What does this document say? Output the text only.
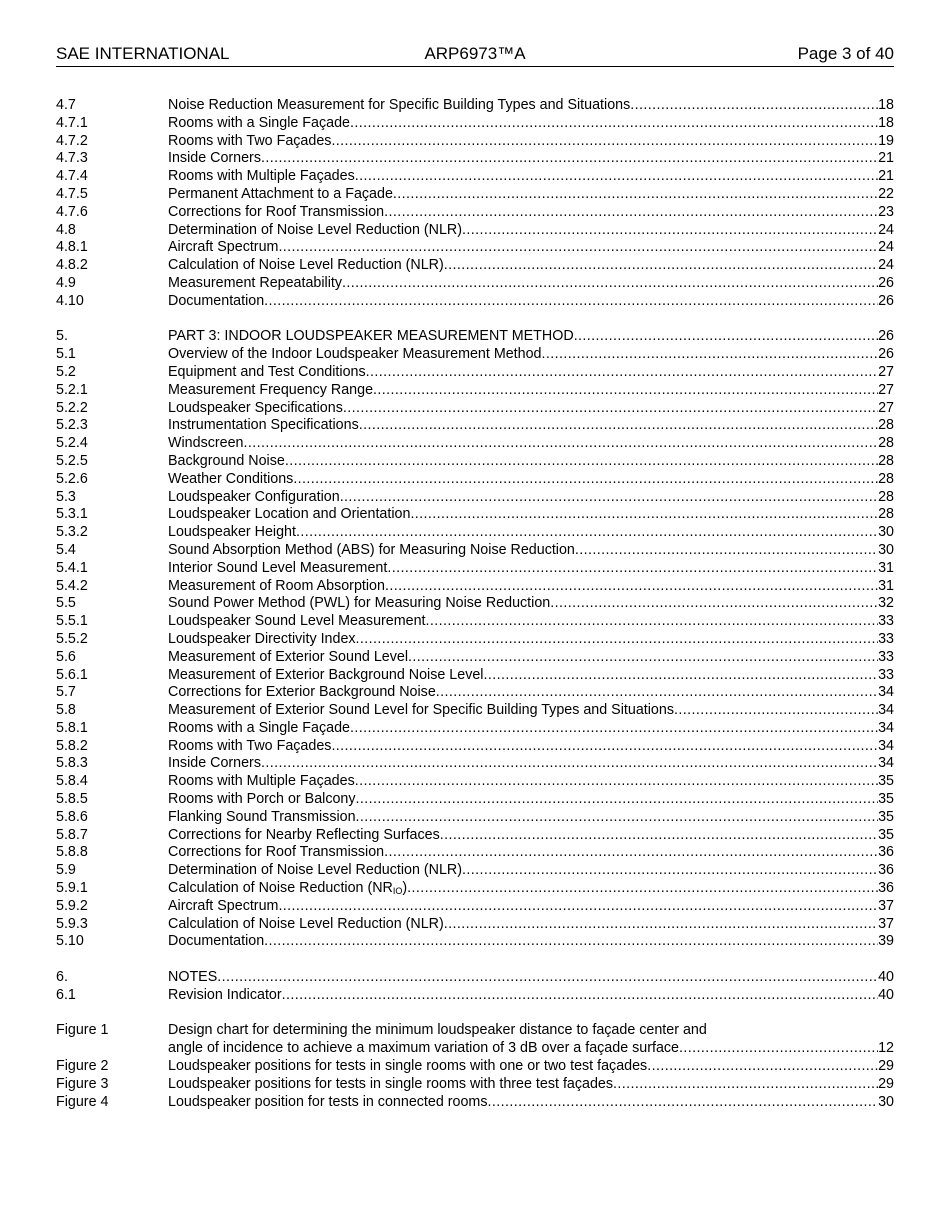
SAE INTERNATIONAL	ARP6973™A	Page 3 of 40
4.7	Noise Reduction Measurement for Specific Building Types and Situations .....	18
4.7.1	Rooms with a Single Façade .....	18
4.7.2	Rooms with Two Façades .....	19
4.7.3	Inside Corners .....	21
4.7.4	Rooms with Multiple Façades .....	21
4.7.5	Permanent Attachment to a Façade .....	22
4.7.6	Corrections for Roof Transmission .....	23
4.8	Determination of Noise Level Reduction (NLR) .....	24
4.8.1	Aircraft Spectrum .....	24
4.8.2	Calculation of Noise Level Reduction (NLR) .....	24
4.9	Measurement Repeatability .....	26
4.10	Documentation .....	26
5.	PART 3: INDOOR LOUDSPEAKER MEASUREMENT METHOD .....	26
5.1	Overview of the Indoor Loudspeaker Measurement Method .....	26
5.2	Equipment and Test Conditions .....	27
5.2.1	Measurement Frequency Range .....	27
5.2.2	Loudspeaker Specifications .....	27
5.2.3	Instrumentation Specifications .....	28
5.2.4	Windscreen .....	28
5.2.5	Background Noise .....	28
5.2.6	Weather Conditions .....	28
5.3	Loudspeaker Configuration .....	28
5.3.1	Loudspeaker Location and Orientation .....	28
5.3.2	Loudspeaker Height .....	30
5.4	Sound Absorption Method (ABS) for Measuring Noise Reduction .....	30
5.4.1	Interior Sound Level Measurement .....	31
5.4.2	Measurement of Room Absorption .....	31
5.5	Sound Power Method (PWL) for Measuring Noise Reduction .....	32
5.5.1	Loudspeaker Sound Level Measurement .....	33
5.5.2	Loudspeaker Directivity Index .....	33
5.6	Measurement of Exterior Sound Level .....	33
5.6.1	Measurement of Exterior Background Noise Level .....	33
5.7	Corrections for Exterior Background Noise .....	34
5.8	Measurement of Exterior Sound Level for Specific Building Types and Situations .....	34
5.8.1	Rooms with a Single Façade .....	34
5.8.2	Rooms with Two Façades .....	34
5.8.3	Inside Corners .....	34
5.8.4	Rooms with Multiple Façades .....	35
5.8.5	Rooms with Porch or Balcony .....	35
5.8.6	Flanking Sound Transmission .....	35
5.8.7	Corrections for Nearby Reflecting Surfaces .....	35
5.8.8	Corrections for Roof Transmission .....	36
5.9	Determination of Noise Level Reduction (NLR) .....	36
5.9.1	Calculation of Noise Reduction $(NR_{IO})$ .....	36
5.9.2	Aircraft Spectrum .....	37
5.9.3	Calculation of Noise Level Reduction (NLR) .....	37
5.10	Documentation .....	39
6.	NOTES .....	40
6.1	Revision Indicator .....	40
Figure 1	Design chart for determining the minimum loudspeaker distance to façade center and
angle of incidence to achieve a maximum variation of 3 dB over a façade surface .....	12
Figure 2	Loudspeaker positions for tests in single rooms with one or two test façades .....	29
Figure 3	Loudspeaker positions for tests in single rooms with three test façades .....	29
Figure 4	Loudspeaker position for tests in connected rooms .....	30
